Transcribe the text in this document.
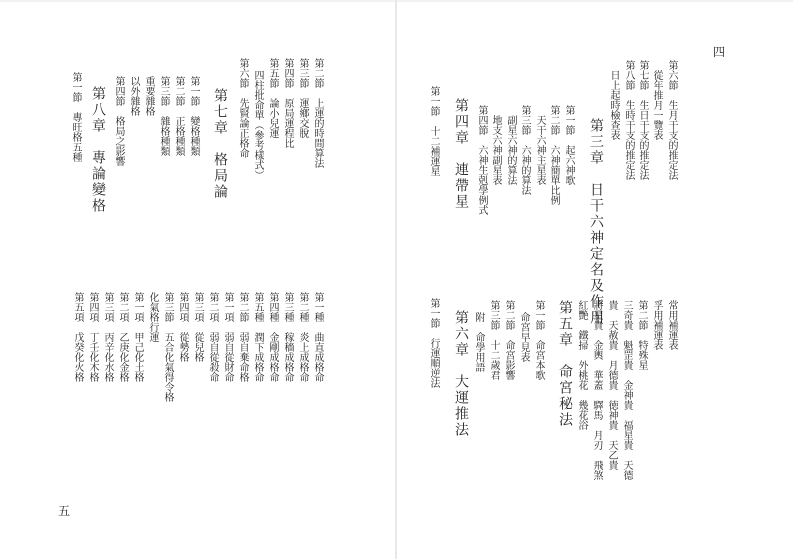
第六節　生月干支的推定法
從年推月一覽表
第七節　生日干支的推定法
第八節　生時干支的推定法
日上起時檢查表
第三章　日干六神定名及作用
第一節　起六神歌
第二節　六神簡單比例
天干六神主星表
第三節　六神的算法
副星六神的算法
地支六神副星表
第四節　六神生剋學例式
第四章　連帶星
第一節　十二補運星
常用補運表
孚用補運表
第二節　特殊星
三奇貴　魁罡貴　金神貴　福星貴　天德
貴　天赦貴　月德貴　徳神貴　天乙貴
將星貴　金輿　華蓋　驛馬　月刃　飛煞
紅艷　鐵掃　外桃花　幾花浴
第五章　命宮秘法
第一節　命宮本歌
命宮早見表
第二節　命宮影響
第三節　十二歲君
附　命學用語
第六章　大運推法
第一節　行運順逆法
第二節　上運的時間算法
第三節　運鄉交脫
第四節　原局運程比
第五節　論小兒運
四柱批命單（參考樣式）
第六節　先賢論正格命
第七章　格局論
第一節　變格種類
第二節　正格種類
第三節　雜格種類
重要雜格
以外雜格
第四節　格局之影響
第八章　專論變格
第一節　專旺格五種
第一種　曲直成格命
第二種　炎上成格命
第三種　稼穡成格命
第四種　金剛成格命
第五種　潤下成格命
第二節　弱自棄命格
第一項　弱自從財命
第二項　弱自從殺命
第三項　從兒格
第四項　從勢格
第三節　五合化氣得令格
化氣格行運
第一項　甲己化土格
第二項　乙庚化金格
第三項　丙辛化水格
第四項　丁壬化木格
第五項　戊癸化火格
四
五
